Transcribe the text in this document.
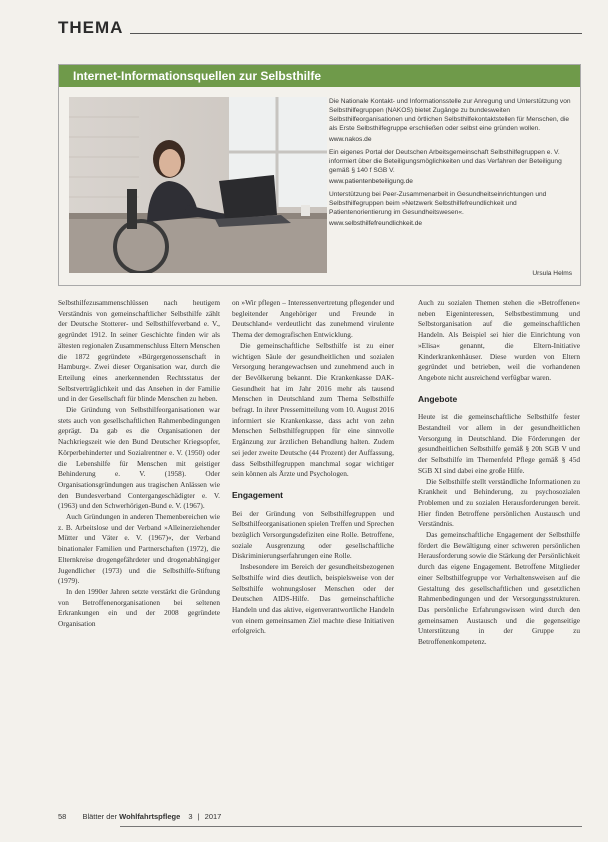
THEMA
Internet-Informationsquellen zur Selbsthilfe

Die Nationale Kontakt- und Informationsstelle zur Anregung und Unterstützung von Selbsthilfegruppen (NAKOS) bietet Zugänge zu bundesweiten Selbsthilfeorganisationen und örtlichen Selbsthilfekontaktstellen für Menschen, die als Erste Selbsthilfegruppe erschließen oder selbst eine gründen wollen.

www.nakos.de

Ein eigenes Portal der Deutschen Arbeitsgemeinschaft Selbsthilfegruppen e. V. informiert über die Beteiligungsmöglichkeiten und das Verfahren der Beteiligung gemäß § 140 f SGB V.

www.patientenbeteiligung.de

Unterstützung bei Peer-Zusammenarbeit in Gesundheitseinrichtungen und Selbsthilfegruppen beim »Netzwerk Selbsthilfefreundlichkeit und Patientenorientierung im Gesundheitswesen«.

www.selbsthilfefreundlichkeit.de

Ursula Helms

Selbsthilfezusammenschlüssen nach heutigem Verständnis von gemeinschaftlicher Selbsthilfe zählt der Deutsche Stotterer- und Selbsthilfeverband e. V., gegründet 1912. In seiner Geschichte finden wir als ältesten regionalen Zusammenschluss Eltern Menschen die 1872 gegründete »Bürgergenossenschaft in Hamburg«. Zwei dieser Organisation war, durch die Erteilung eines anerkennenden Rechtsstatus der Selbstverträglichkeit und das Ansehen in der Familie und in der Gesellschaft für blinde Menschen zu heben.

Die Gründung von Selbsthilfeorganisationen war stets auch von gesellschaftlichen Rahmenbedingungen geprägt. Da gab es die Organisationen der Nachkriegszeit wie den Bund Deutscher Kriegsopfer, Körperbehinderter und Sozialrentner e. V. (1950) oder die Lebenshilfe für Menschen mit geistiger Behinderung e. V. (1958). Oder Organisationsgründungen aus tragischen Anlässen wie den Bundesverband Contergangeschädigter e. V. (1963) und den Schwerhörigen-Bund e. V. (1967).

Auch Gründungen in anderen Themenbereichen wie z. B. Arbeitslose und der Verband »Alleinerziehender Mütter und Väter e. V. (1967)«, der Verband binationaler Familien und Partnerschaften (1972), die Elternkreise drogengefährdeter und drogenabhängiger Jugendlicher (1973) und die Selbsthilfe-Stiftung (1979).

In den 1990er Jahren setzte verstärkt die Gründung von Betroffenenorganisationen bei seltenen Erkrankungen ein und der 2008 gegründete Organisation

on »Wir pflegen – Interessenvertretung pflegender und begleitender Angehöriger und Freunde in Deutschland« verdeutlicht das zunehmend virulente Thema der demografischen Entwicklung.

Die gemeinschaftliche Selbsthilfe ist zu einer wichtigen Säule der gesundheitlichen und sozialen Versorgung herangewachsen und zunehmend auch in der Bevölkerung bekannt. Die Krankenkasse DAK-Gesundheit hat im Jahr 2016 mehr als tausend Menschen in Deutschland zum Thema Selbsthilfe befragt. In ihrer Pressemitteilung vom 10. August 2016 informiert sie Krankenkasse, dass acht von zehn Menschen Selbsthilfegruppen für eine sinnvolle Ergänzung zur ärztlichen Behandlung halten. Zudem sei jeder zweite Deutsche (44 Prozent) der Auffassung, dass Selbsthilfegruppen manchmal sogar wichtiger sein können als Ärzte und Psychologen.

Engagement

Bei der Gründung von Selbsthilfegruppen und Selbsthilfeorganisationen spielen Treffen und Sprechen bezüglich Versorgungsdefiziten eine Rolle. Betroffene, soziale Ausgrenzung oder gesellschaftliche Diskriminierungserfahrungen eine Rolle.

Insbesondere im Bereich der gesundheitsbezogenen Selbsthilfe wird dies deutlich, beispielsweise von der Selbsthilfe wohnungsloser Menschen oder der Deutschen AIDS-Hilfe. Das gemeinschaftliche Handeln und das aktive, eigenverantwortliche Handeln von einem gemeinsamen Ziel machte diese Initiativen erfolgreich.

Auch zu sozialen Themen stehen die »Betroffenen« neben Eigeninteressen, Selbstbestimmung und Selbstorganisation auf die gemeinschaftlichen Handeln. Als Beispiel sei hier die Einrichtung von »Elisa« genannt, die Eltern-Initiative Kinderkrankenhäuser. Diese wurden von Eltern gegründet und betrieben, weil die vorhandenen Angebote nicht ausreichend verfügbar waren.

Angebote

Heute ist die gemeinschaftliche Selbsthilfe fester Bestandteil vor allem in der gesundheitlichen Versorgung in Deutschland. Die Förderungen der gesundheitlichen Selbsthilfe gemäß § 20h SGB V und der Selbsthilfe im Themenfeld Pflege gemäß § 45d SGB XI sind dabei eine große Hilfe.

Die Selbsthilfe stellt verständliche Informationen zu Krankheit und Behinderung, zu psychosozialen Problemen und zu sozialen Herausforderungen bereit. Hier finden Betroffene persönlichen Austausch und Verständnis.

Das gemeinschaftliche Engagement der Selbsthilfe fördert die Bewältigung einer schweren persönlichen Herausforderung sowie die Stärkung der Persönlichkeit durch das eigene Engagement. Betroffene Mitglieder einer Selbsthilfegruppe vor Verhaltensweisen auf die Gestaltung des gesellschaftlichen und gesetzlichen Rahmenbedingungen und der Versorgungsstrukturen. Das persönliche Erfahrungswissen wird durch den gemeinsamen Austausch und die gegenseitige Unterstützung in der Gruppe zu Betroffenenkompetenz.

58 Blätter der Wohlfahrtspflege 3 | 2017
